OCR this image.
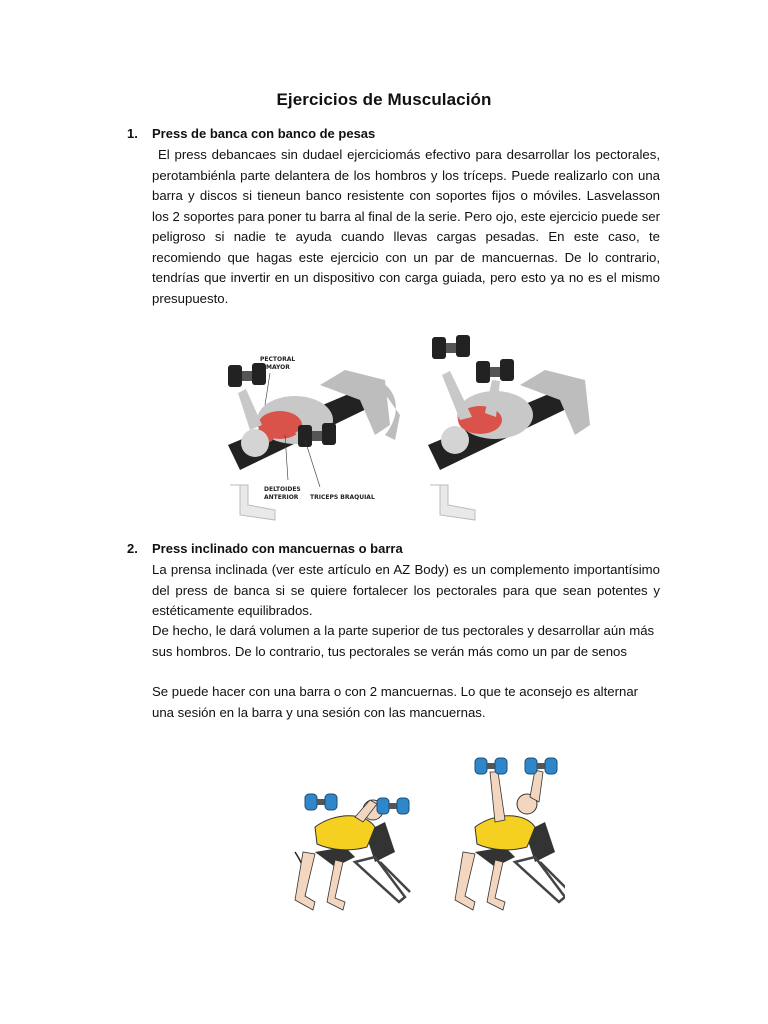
Ejercicios de Musculación
1. Press de banca con banco de pesas

El press debancaes sin dudael ejerciciomás efectivo para desarrollar los pectorales, perotambiénla parte delantera de los hombros y los tríceps. Puede realizarlo con una barra y discos si tieneun banco resistente con soportes fijos o móviles. Lasvelasson los 2 soportes para poner tu barra al final de la serie. Pero ojo, este ejercicio puede ser peligroso si nadie te ayuda cuando llevas cargas pesadas. En este caso, te recomiendo que hagas este ejercicio con un par de mancuernas. De lo contrario, tendrías que invertir en un dispositivo con carga guiada, pero esto ya no es el mismo presupuesto.

PECTORAL
MAYOR
DELTOIDES
ANTERIOR TRICEPS BRAQUIAL
2. Press inclinado con mancuernas o barra

La prensa inclinada (ver este artículo en AZ Body) es un complemento importantísimo del press de banca si se quiere fortalecer los pectorales para que sean potentes y estéticamente equilibrados.

De hecho, le dará volumen a la parte superior de tus pectorales y desarrollar aún más sus hombros. De lo contrario, tus pectorales se verán más como un par de senos

Se puede hacer con una barra o con 2 mancuernas. Lo que te aconsejo es alternar una sesión en la barra y una sesión con las mancuernas.
